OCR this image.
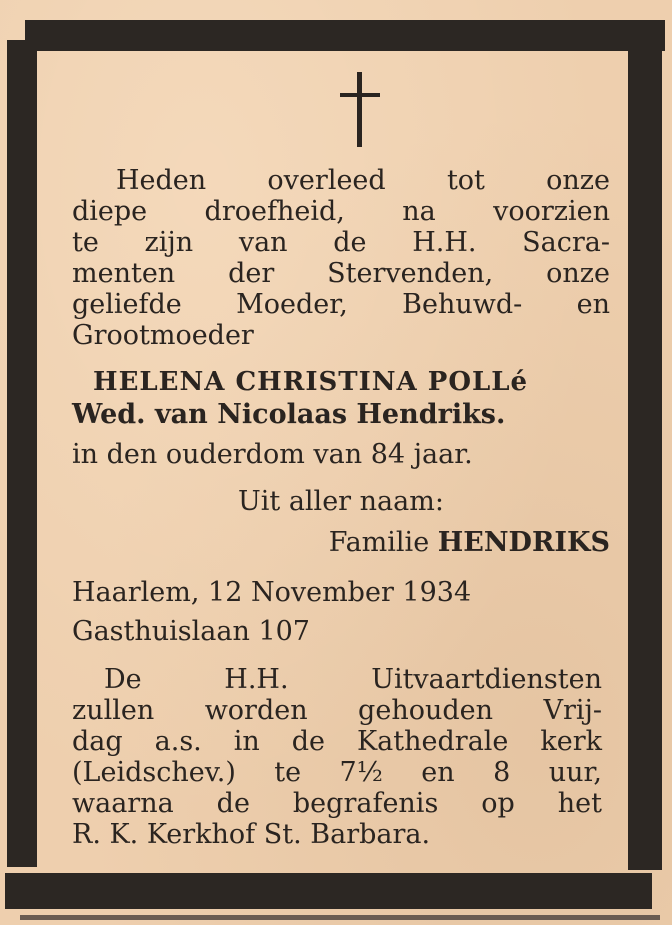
Heden overleed tot onze
diepe droefheid, na voorzien
te zijn van de H.H. Sacra-
menten der Stervenden, onze
geliefde Moeder, Behuwd- en
Grootmoeder
HELENA CHRISTINA POLLé
Wed. van Nicolaas Hendriks.
in den ouderdom van 84 jaar.
Uit aller naam:
Familie HENDRIKS
Haarlem, 12 November 1934
Gasthuislaan 107
De H.H. Uitvaartdiensten
zullen worden gehouden Vrij-
dag a.s. in de Kathedrale kerk
(Leidschev.) te 7½ en 8 uur,
waarna de begrafenis op het
R. K. Kerkhof St. Barbara.
